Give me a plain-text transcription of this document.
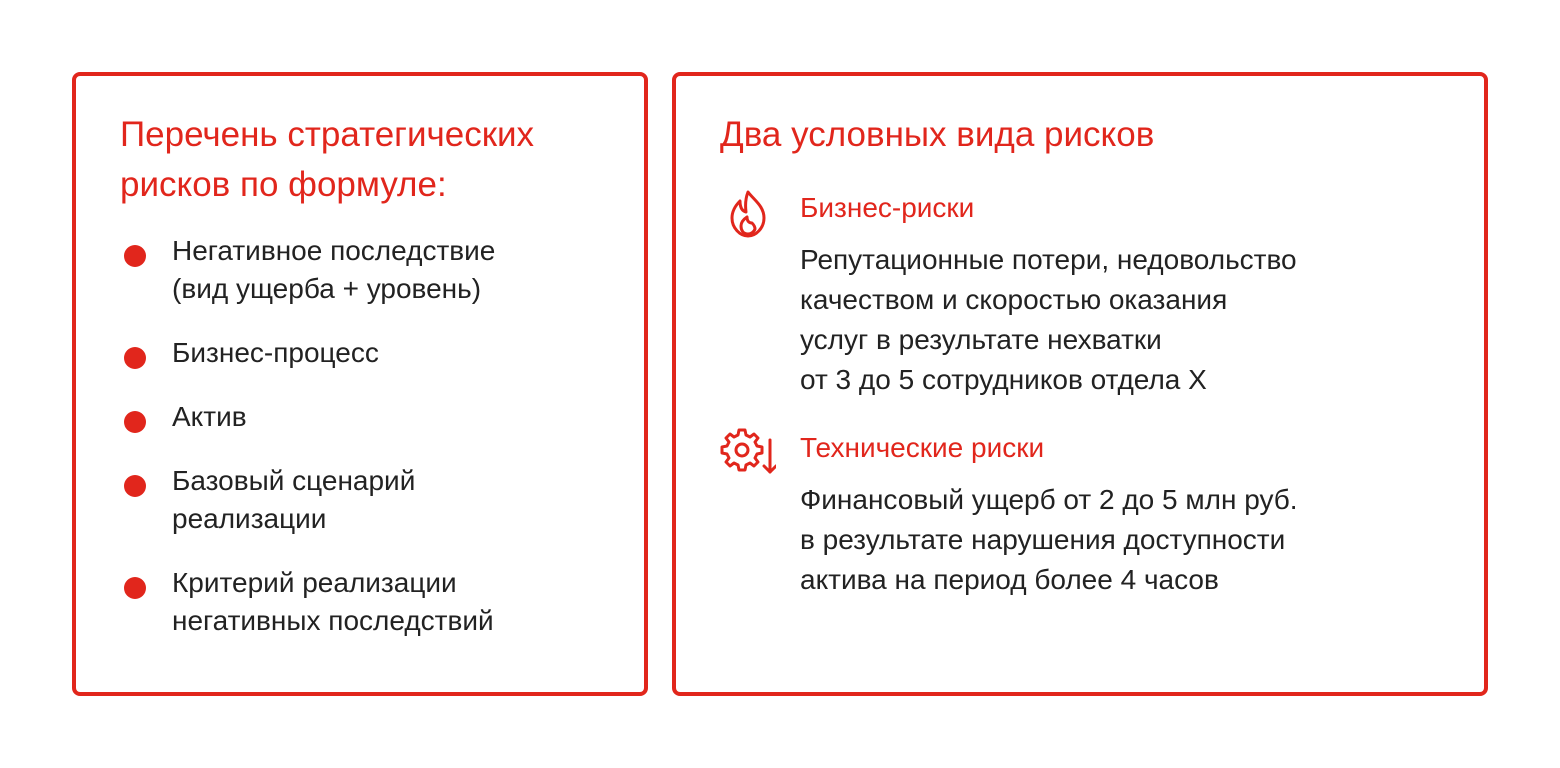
Перечень стратегических рисков по формуле:
Негативное последствие
(вид ущерба + уровень)
Бизнес-процесс
Актив
Базовый сценарий
реализации
Критерий реализации
негативных последствий
Два условных вида рисков
Бизнес-риски
Репутационные потери, недовольство
качеством и скоростью оказания
услуг в результате нехватки
от 3 до 5 сотрудников отдела X
Технические риски
Финансовый ущерб от 2 до 5 млн руб.
в результате нарушения доступности
актива на период более 4 часов
